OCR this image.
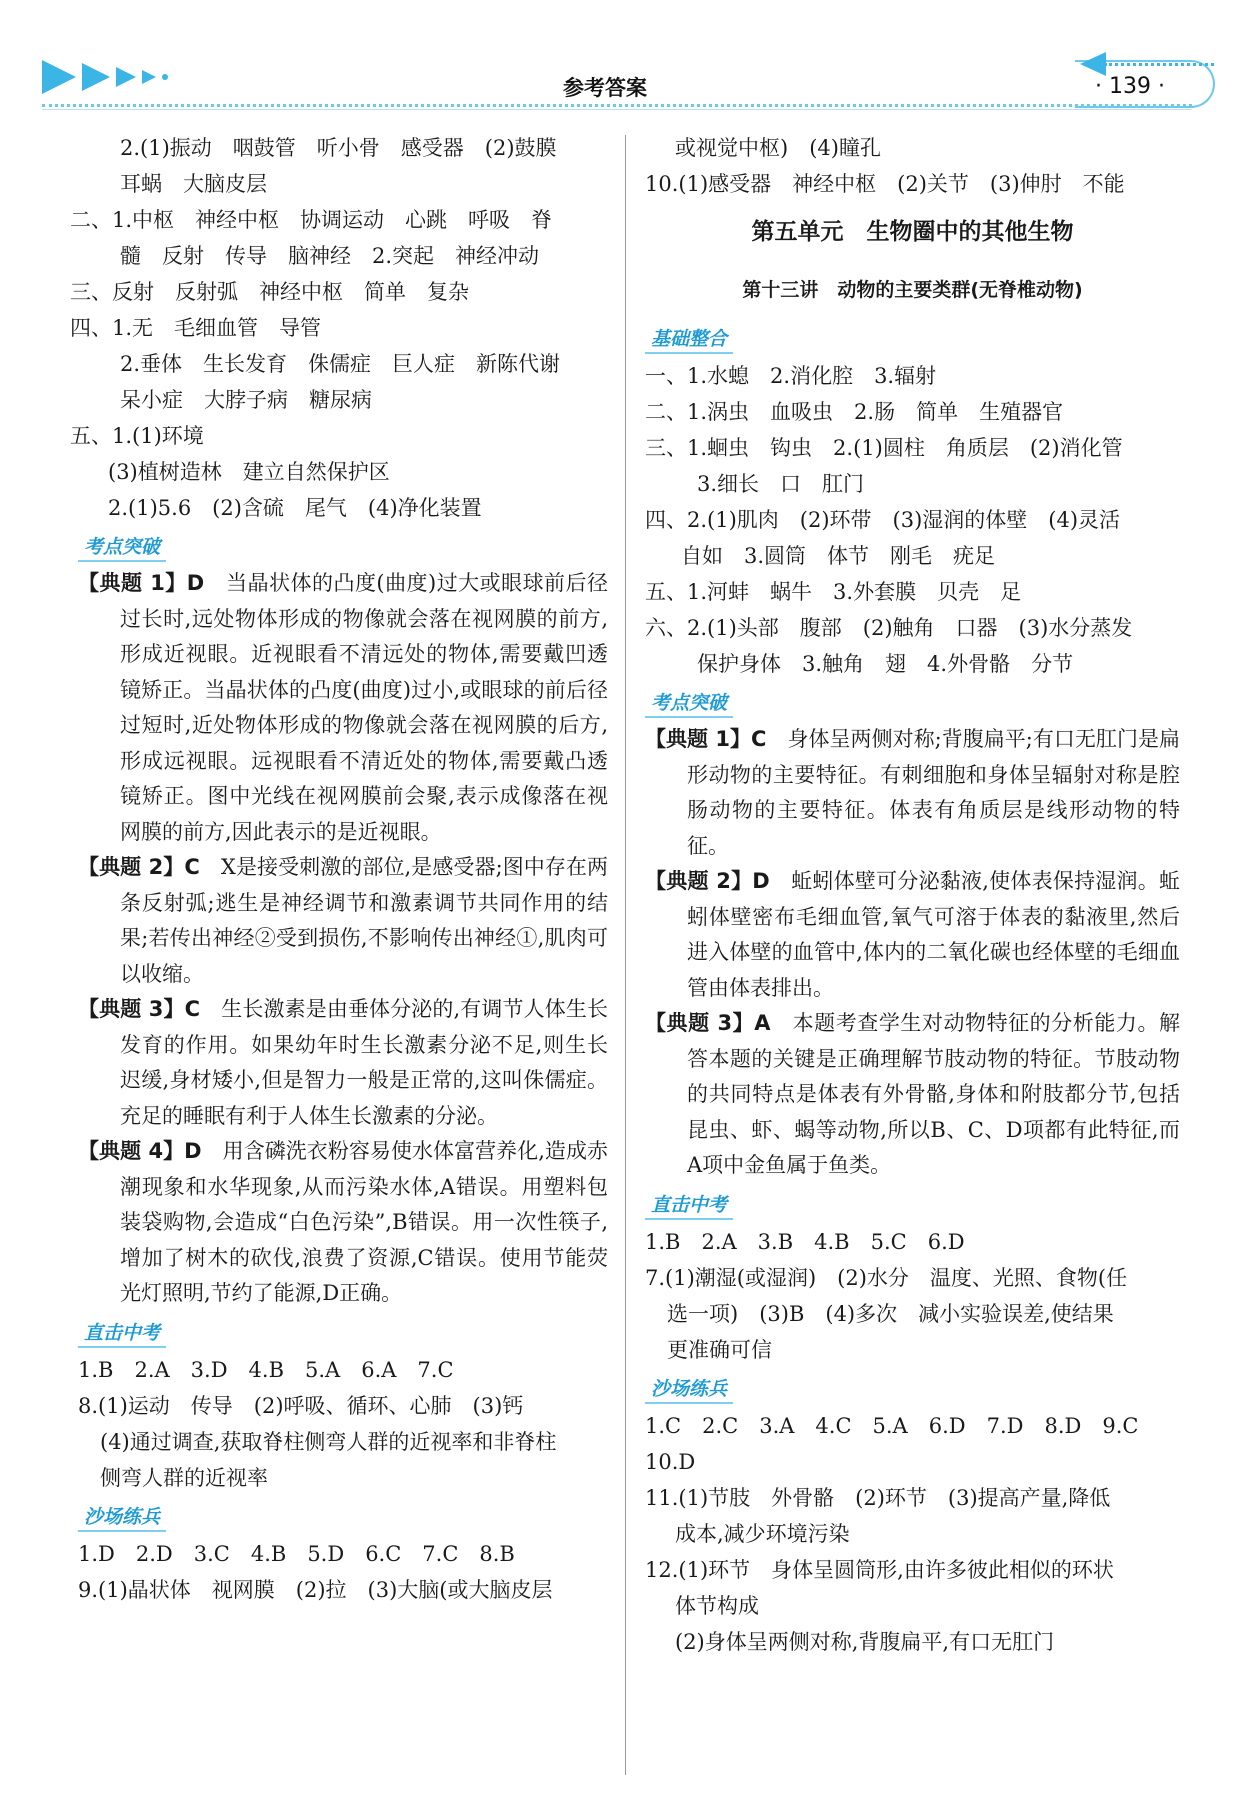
参考答案	· 139 ·
2.(1)振动　咽鼓管　听小骨　感受器　(2)鼓膜
耳蜗　大脑皮层
二、1.中枢　神经中枢　协调运动　心跳　呼吸　脊
髓　反射　传导　脑神经　2.突起　神经冲动
三、反射　反射弧　神经中枢　简单　复杂
四、1.无　毛细血管　导管
2.垂体　生长发育　侏儒症　巨人症　新陈代谢
呆小症　大脖子病　糖尿病
五、1.(1)环境
(3)植树造林　建立自然保护区
2.(1)5.6　(2)含硫　尾气　(4)净化装置
考点突破
【典题 1】D　当晶状体的凸度(曲度)过大或眼球前后径过长时,远处物体形成的物像就会落在视网膜的前方,形成近视眼。近视眼看不清远处的物体,需要戴凹透镜矫正。当晶状体的凸度(曲度)过小,或眼球的前后径过短时,近处物体形成的物像就会落在视网膜的后方,形成远视眼。远视眼看不清近处的物体,需要戴凸透镜矫正。图中光线在视网膜前会聚,表示成像落在视网膜的前方,因此表示的是近视眼。
【典题 2】C　X是接受刺激的部位,是感受器;图中存在两条反射弧;逃生是神经调节和激素调节共同作用的结果;若传出神经②受到损伤,不影响传出神经①,肌肉可以收缩。
【典题 3】C　生长激素是由垂体分泌的,有调节人体生长发育的作用。如果幼年时生长激素分泌不足,则生长迟缓,身材矮小,但是智力一般是正常的,这叫侏儒症。充足的睡眠有利于人体生长激素的分泌。
【典题 4】D　用含磷洗衣粉容易使水体富营养化,造成赤潮现象和水华现象,从而污染水体,A错误。用塑料包装袋购物,会造成“白色污染”,B错误。用一次性筷子,增加了树木的砍伐,浪费了资源,C错误。使用节能荧光灯照明,节约了能源,D正确。
直击中考
1.B　2.A　3.D　4.B　5.A　6.A　7.C
8.(1)运动　传导　(2)呼吸、循环、心肺　(3)钙
(4)通过调查,获取脊柱侧弯人群的近视率和非脊柱
侧弯人群的近视率
沙场练兵
1.D　2.D　3.C　4.B　5.D　6.C　7.C　8.B
9.(1)晶状体　视网膜　(2)拉　(3)大脑(或大脑皮层
或视觉中枢)　(4)瞳孔
10.(1)感受器　神经中枢　(2)关节　(3)伸肘　不能
第五单元　生物圈中的其他生物
第十三讲　动物的主要类群(无脊椎动物)
基础整合
一、1.水螅　2.消化腔　3.辐射
二、1.涡虫　血吸虫　2.肠　简单　生殖器官
三、1.蛔虫　钩虫　2.(1)圆柱　角质层　(2)消化管
3.细长　口　肛门
四、2.(1)肌肉　(2)环带　(3)湿润的体壁　(4)灵活
自如　3.圆筒　体节　刚毛　疣足
五、1.河蚌　蜗牛　3.外套膜　贝壳　足
六、2.(1)头部　腹部　(2)触角　口器　(3)水分蒸发
保护身体　3.触角　翅　4.外骨骼　分节
考点突破
【典题 1】C　身体呈两侧对称;背腹扁平;有口无肛门是扁形动物的主要特征。有刺细胞和身体呈辐射对称是腔肠动物的主要特征。体表有角质层是线形动物的特征。
【典题 2】D　蚯蚓体壁可分泌黏液,使体表保持湿润。蚯蚓体壁密布毛细血管,氧气可溶于体表的黏液里,然后进入体壁的血管中,体内的二氧化碳也经体壁的毛细血管由体表排出。
【典题 3】A　本题考查学生对动物特征的分析能力。解答本题的关键是正确理解节肢动物的特征。节肢动物的共同特点是体表有外骨骼,身体和附肢都分节,包括昆虫、虾、蝎等动物,所以B、C、D项都有此特征,而A项中金鱼属于鱼类。
直击中考
1.B　2.A　3.B　4.B　5.C　6.D
7.(1)潮湿(或湿润)　(2)水分　温度、光照、食物(任
选一项)　(3)B　(4)多次　减小实验误差,使结果
更准确可信
沙场练兵
1.C　2.C　3.A　4.C　5.A　6.D　7.D　8.D　9.C
10.D
11.(1)节肢　外骨骼　(2)环节　(3)提高产量,降低
成本,减少环境污染
12.(1)环节　身体呈圆筒形,由许多彼此相似的环状
体节构成
(2)身体呈两侧对称,背腹扁平,有口无肛门
